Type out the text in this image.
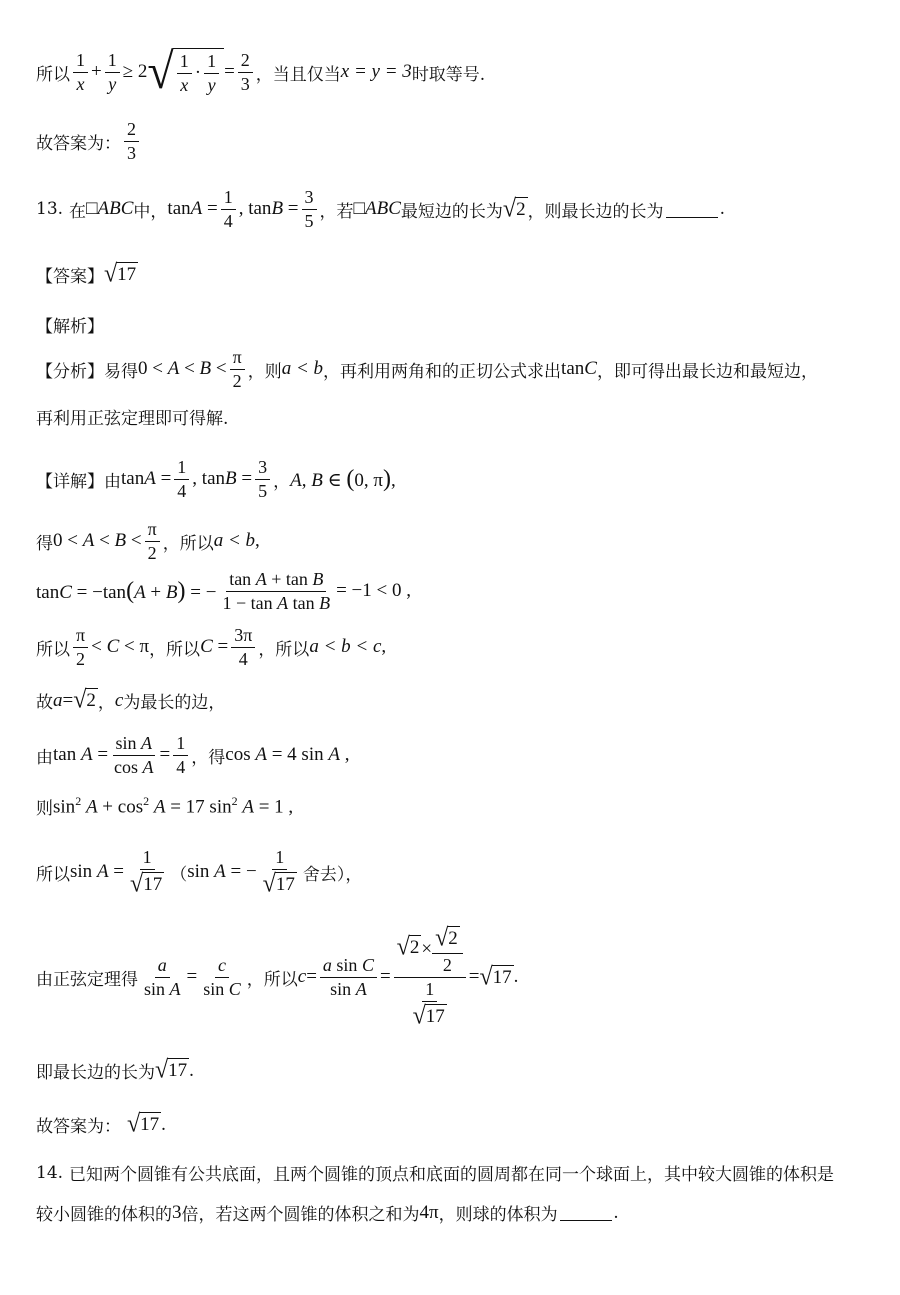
所以 $\frac{1}{x} + \frac{1}{y} \ge 2$ √ $\frac{1}{x} \cdot \frac{1}{y} = \frac{2}{3}$ ，当且仅当 x = y = 3 时取等号.
故答案为： $\frac{2}{3}$
13. 在 □ABC 中， $\tan A = \frac{1}{4}$ , $\tan B = \frac{3}{5}$ ，若 □ABC 最短边的长为 √ 2 ，则最长边的长为	.
【答案】 √ 17
【解析】
【分析】 易得 $0 < A < B < \frac{\pi}{2}$ ，则 a < b ，再利用两角和的正切公式求出 tanC ，即可得出最长边和最短边，
再利用正弦定理即可得解.
【详解】 由 $\tan A = \frac{1}{4}$ , $\tan B = \frac{3}{5}$ ， A, B ∈ (0, π),
得 $0 < A < B < \frac{\pi}{2}$ ，所以 a < b ,
tanC = −tan(A + B) = − $\frac{\text{tan A + tan B}}{\text{1 − tan A tan B}} = -1 < 0$ ,
所以 $\frac{\pi}{2} < C < \pi$ ，所以 $C = \frac{3\pi}{4}$ ，所以 a < b < c ,
故 a = √ 2 ， c 为最长的边，
由 $\tan A = \frac{\text{sin A}}{\text{cos A}} = \frac{1}{4}$ ，得 cos A = 4 sin A ,
则 $\sin^2 A + \cos^2 A = 17$ $\sin^2 A = 1$ ,
所以 $\sin A = \frac{1}{√ 17}$ （ sin A = − $\frac{1}{√ 17}$ 舍去），
由正弦定理得 $\frac{a}{\text{sin A}} = \frac{c}{\text{sin C}}$ ，所以 $c = \frac{\text{a sin C}}{\text{sin A}} = \frac{√ 2 \times \frac{√ 2}{2}}{\frac{1}{√ 17}}$ = √ 17 .
即最长边的长为 √ 17 .
故答案为： √ 17 .
14. 已知两个圆锥有公共底面，且两个圆锥的顶点和底面的圆周都在同一个球面上，其中较大圆锥的体积是
较小圆锥的体积的 3 倍，若这两个圆锥的体积之和为 4π ，则球的体积为	.
